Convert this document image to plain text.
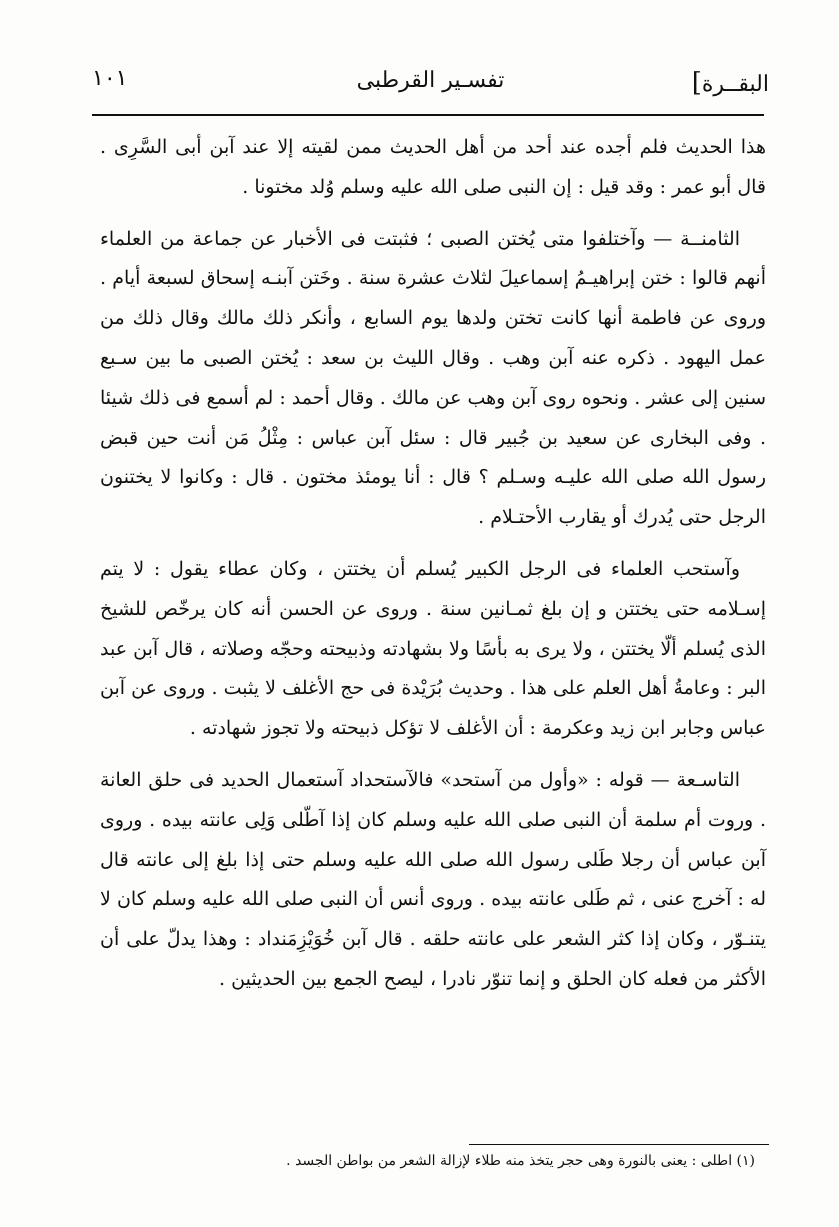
البقــرة]
تفسـير القرطبى
١٠١

هذا الحديث فلم أجده عند أحد من أهل الحديث ممن لقيته إلا عند آبن أبى السَّرِى . قال أبو عمر : وقد قيل : إن النبى صلى الله عليه وسلم وُلد مختونا .

الثامنــة — وآختلفوا متى يُختن الصبى ؛ فثبتت فى الأخبار عن جماعة من العلماء أنهم قالوا : ختن إبراهيـمُ إسماعيلَ لثلاث عشرة سنة . وخَتن آبنـه إسحاق لسبعة أيام . وروى عن فاطمة أنها كانت تختن ولدها يوم السابع ، وأنكر ذلك مالك وقال ذلك من عمل اليهود . ذكره عنه آبن وهب . وقال الليث بن سعد : يُختن الصبى ما بين سـبع سنين إلى عشر . ونحوه روى آبن وهب عن مالك . وقال أحمد : لم أسمع فى ذلك شيئا . وفى البخارى عن سعيد بن جُبير قال : سئل آبن عباس : مِثْلُ مَن أنت حين قبض رسول الله صلى الله عليـه وسـلم ؟ قال : أنا يومئذ مختون . قال : وكانوا لا يختنون الرجل حتى يُدرك أو يقارب الأحتـلام .

وآستحب العلماء فى الرجل الكبير يُسلم أن يختتن ، وكان عطاء يقول : لا يتم إسـلامه حتى يختتن و إن بلغ ثمـانين سنة . وروى عن الحسن أنه كان يرخّص للشيخ الذى يُسلم ألّا يختتن ، ولا يرى به بأسًا ولا بشهادته وذبيحته وحجّه وصلاته ، قال آبن عبد البر : وعامةُ أهل العلم على هذا . وحديث بُرَيْدة فى حج الأغلف لا يثبت . وروى عن آبن عباس وجابر ابن زيد وعكرمة : أن الأغلف لا تؤكل ذبيحته ولا تجوز شهادته .

التاسـعة — قوله : «وأول من آستحد» فالآستحداد آستعمال الحديد فى حلق العانة . وروت أم سلمة أن النبى صلى الله عليه وسلم كان إذا آطّلى وَلِى عانته بيده . وروى آبن عباس أن رجلا طَلى رسول الله صلى الله عليه وسلم حتى إذا بلغ إلى عانته قال له : آخرج عنى ، ثم طَلى عانته بيده . وروى أنس أن النبى صلى الله عليه وسلم كان لا يتنـوّر ، وكان إذا كثر الشعر على عانته حلقه . قال آبن خُوَيْزِمَنداد : وهذا يدلّ على أن الأكثر من فعله كان الحلق و إنما تنوّر نادرا ، ليصح الجمع بين الحديثين .

(١) اطلى : يعنى بالنورة وهى حجر يتخذ منه طلاء لإزالة الشعر من بواطن الجسد .
